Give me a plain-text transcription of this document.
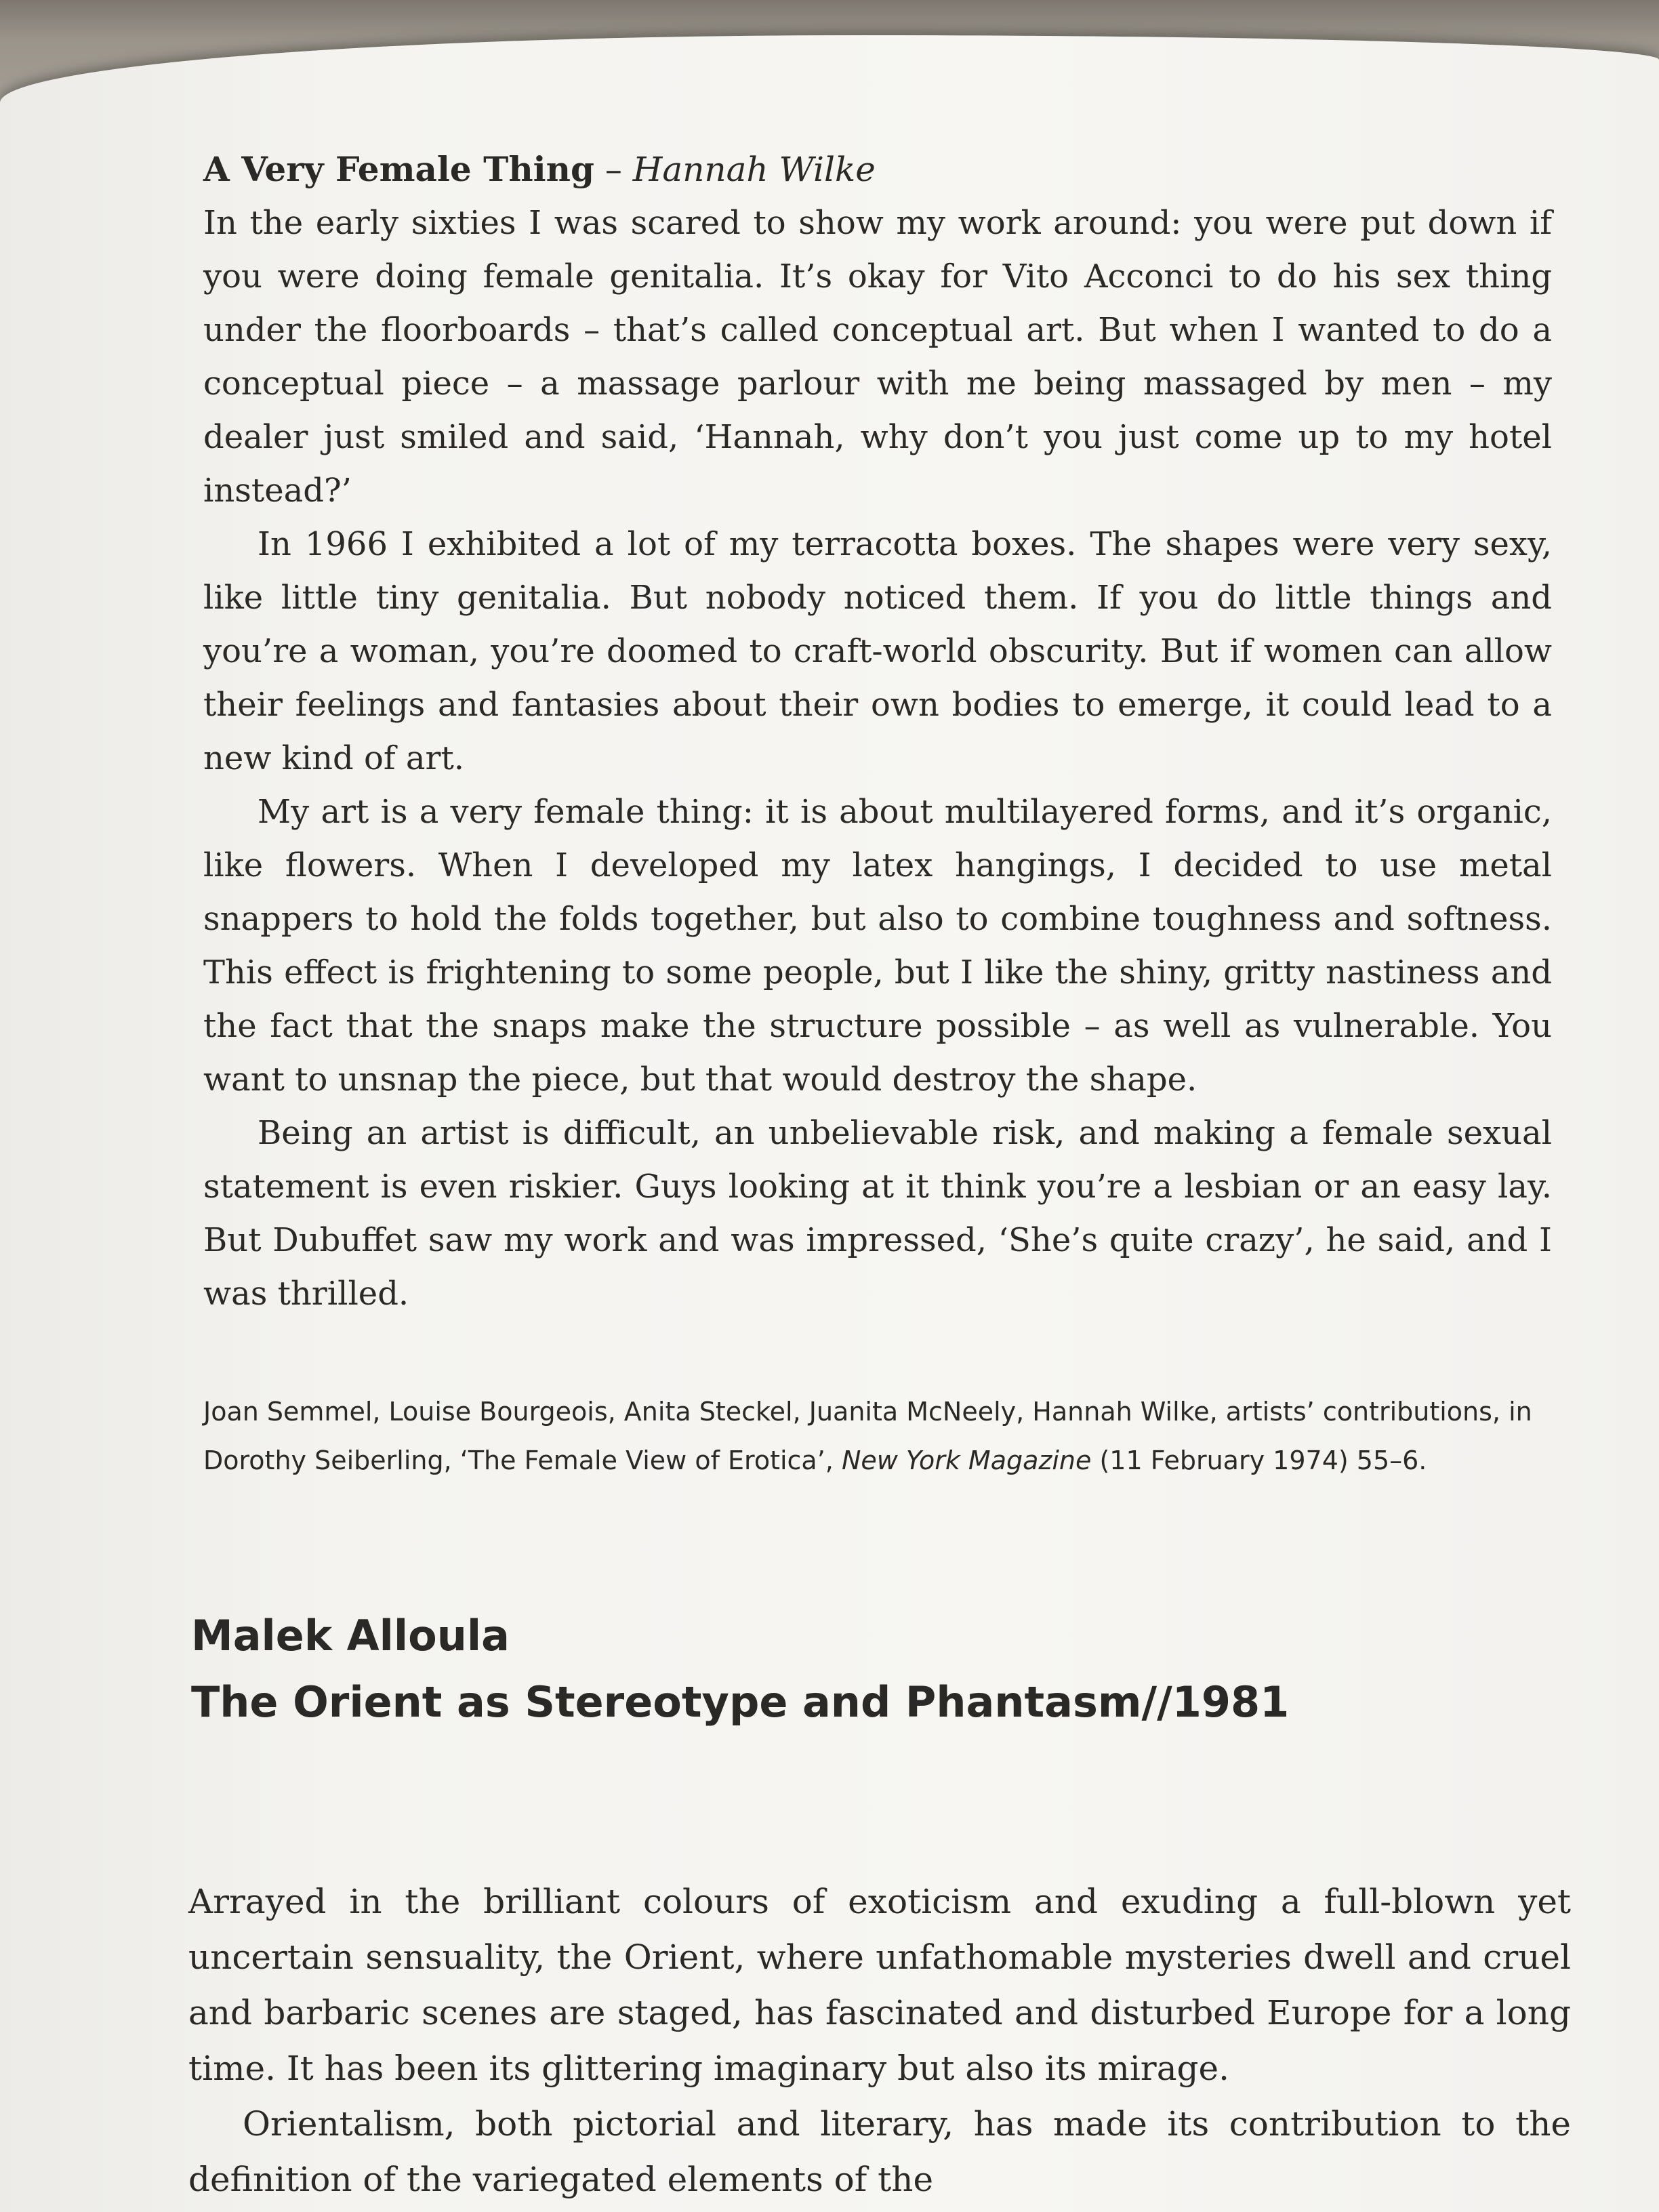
A Very Female Thing – Hannah Wilke

In the early sixties I was scared to show my work around: you were put down if you were doing female genitalia. It’s okay for Vito Acconci to do his sex thing under the floorboards – that’s called conceptual art. But when I wanted to do a conceptual piece – a massage parlour with me being massaged by men – my dealer just smiled and said, ‘Hannah, why don’t you just come up to my hotel instead?’

In 1966 I exhibited a lot of my terracotta boxes. The shapes were very sexy, like little tiny genitalia. But nobody noticed them. If you do little things and you’re a woman, you’re doomed to craft-world obscurity. But if women can allow their feelings and fantasies about their own bodies to emerge, it could lead to a new kind of art.

My art is a very female thing: it is about multilayered forms, and it’s organic, like flowers. When I developed my latex hangings, I decided to use metal snappers to hold the folds together, but also to combine toughness and softness. This effect is frightening to some people, but I like the shiny, gritty nastiness and the fact that the snaps make the structure possible – as well as vulnerable. You want to unsnap the piece, but that would destroy the shape.

Being an artist is difficult, an unbelievable risk, and making a female sexual statement is even riskier. Guys looking at it think you’re a lesbian or an easy lay. But Dubuffet saw my work and was impressed, ‘She’s quite crazy’, he said, and I was thrilled.

Joan Semmel, Louise Bourgeois, Anita Steckel, Juanita McNeely, Hannah Wilke, artists’ contributions, in Dorothy Seiberling, ‘The Female View of Erotica’, New York Magazine (11 February 1974) 55–6.

Malek Alloula

The Orient as Stereotype and Phantasm//1981

Arrayed in the brilliant colours of exoticism and exuding a full-blown yet uncertain sensuality, the Orient, where unfathomable mysteries dwell and cruel and barbaric scenes are staged, has fascinated and disturbed Europe for a long time. It has been its glittering imaginary but also its mirage.

Orientalism, both pictorial and literary, has made its contribution to the definition of the variegated elements of the
